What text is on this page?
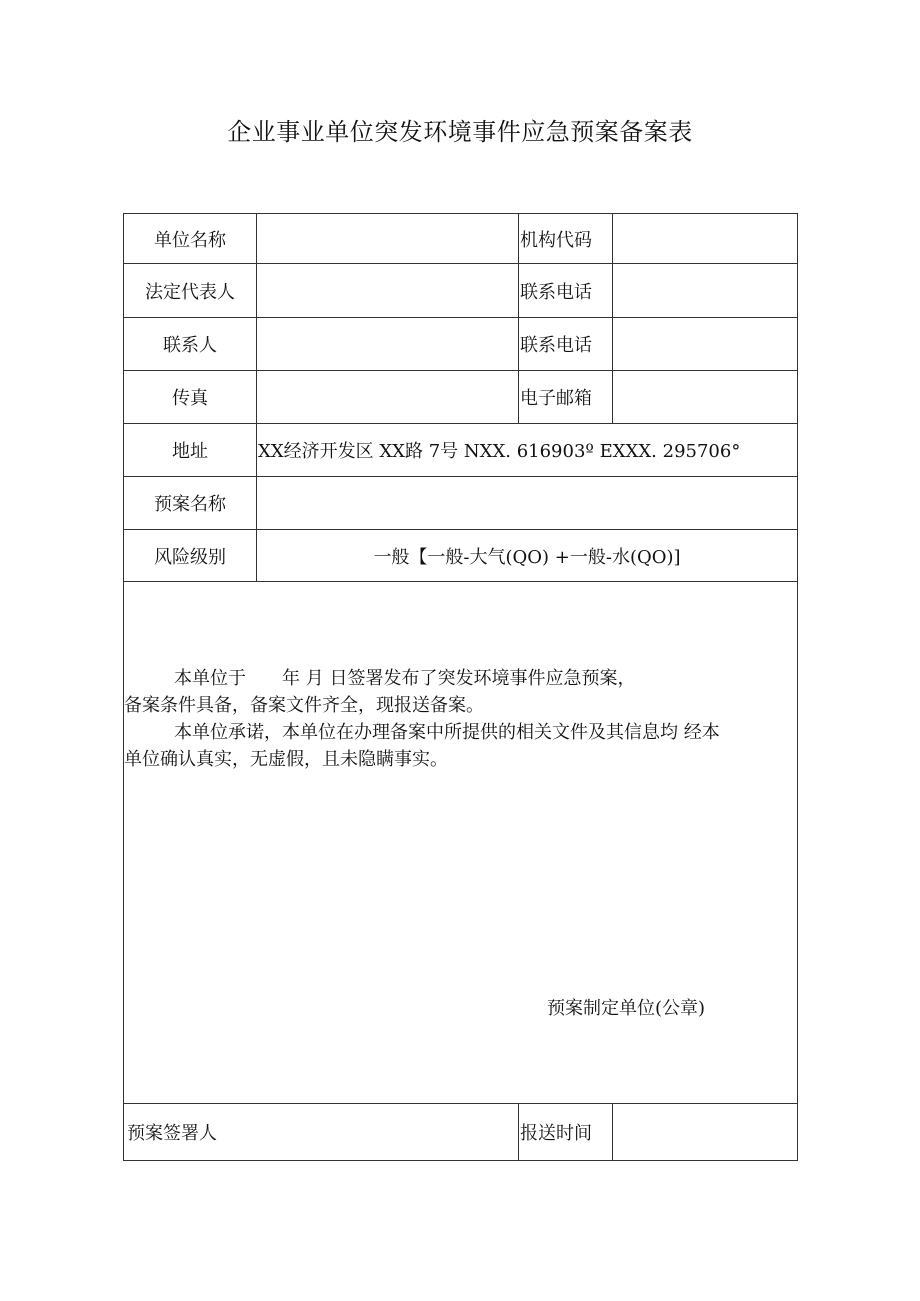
企业事业单位突发环境事件应急预案备案表
单位名称		机构代码	
法定代表人		联系电话	
联系人		联系电话	
传真		电子邮箱	
地址	XX经济开发区 XX路 7号 NXX. 616903º EXXX. 295706°		
预案名称			
风险级别	一般【一般-大气(QO) +一般-水(QO)]		

本单位于　　年 月 日签署发布了突发环境事件应急预案，

备案条件具备，备案文件齐全，现报送备案。

本单位承诺，本单位在办理备案中所提供的相关文件及其信息均 经本

单位确认真实，无虚假，且未隐瞒事实。

预案制定单位(公章)			

预案签署人		报送时间	
